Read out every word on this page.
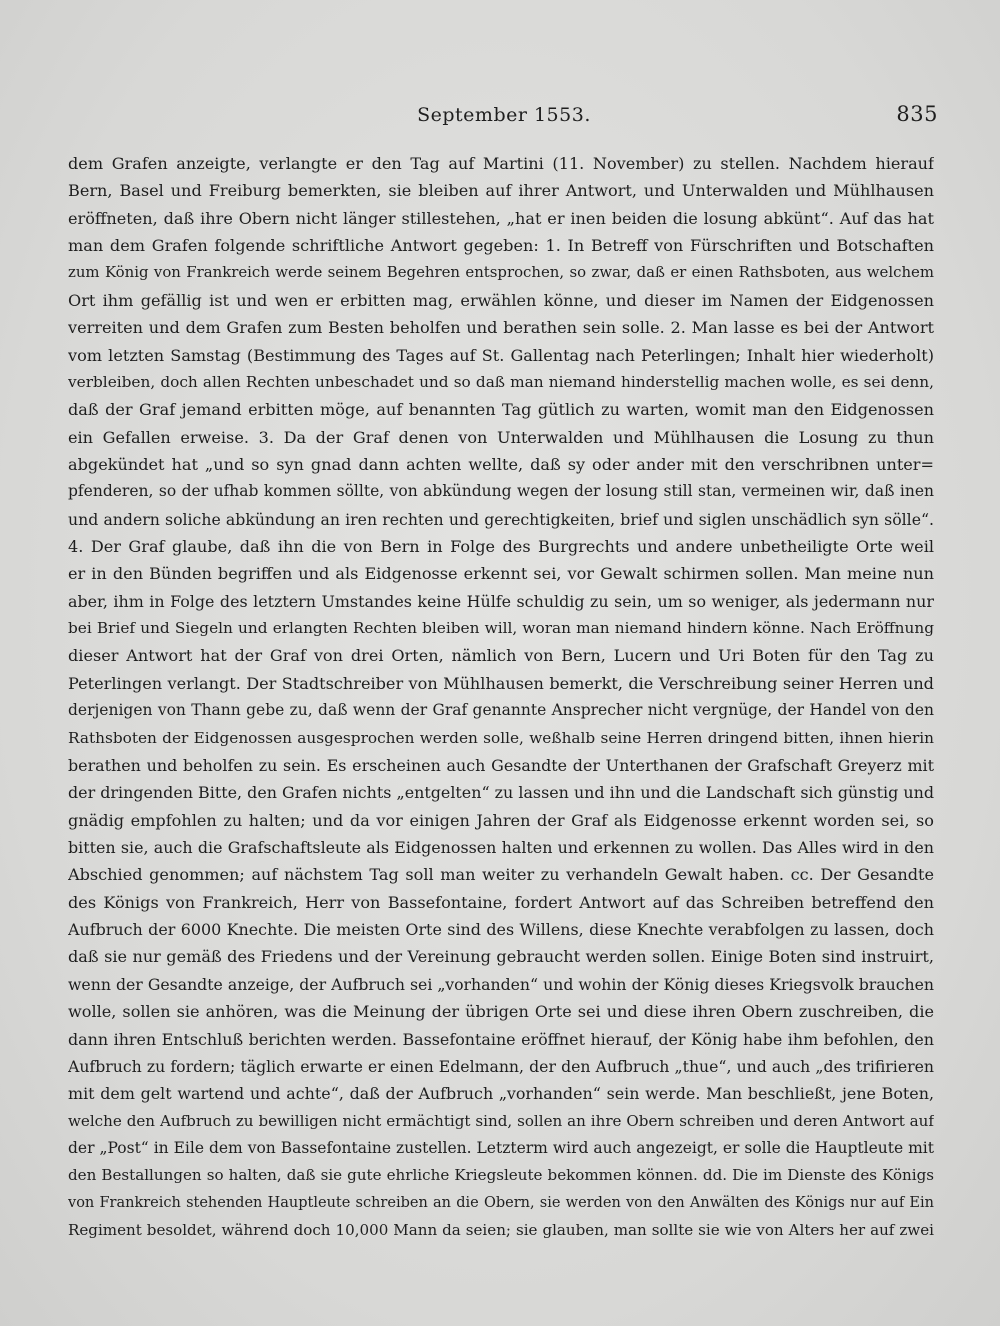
September 1553.	835
dem Grafen anzeigte, verlangte er den Tag auf Martini (11. November) zu stellen. Nachdem hierauf
Bern, Basel und Freiburg bemerkten, sie bleiben auf ihrer Antwort, und Unterwalden und Mühlhausen
eröffneten, daß ihre Obern nicht länger stillestehen, „hat er inen beiden die losung abkünt“. Auf das hat
man dem Grafen folgende schriftliche Antwort gegeben: 1. In Betreff von Fürschriften und Botschaften
zum König von Frankreich werde seinem Begehren entsprochen, so zwar, daß er einen Rathsboten, aus welchem
Ort ihm gefällig ist und wen er erbitten mag, erwählen könne, und dieser im Namen der Eidgenossen
verreiten und dem Grafen zum Besten beholfen und berathen sein solle. 2. Man lasse es bei der Antwort
vom letzten Samstag (Bestimmung des Tages auf St. Gallentag nach Peterlingen; Inhalt hier wiederholt)
verbleiben, doch allen Rechten unbeschadet und so daß man niemand hinderstellig machen wolle, es sei denn,
daß der Graf jemand erbitten möge, auf benannten Tag gütlich zu warten, womit man den Eidgenossen
ein Gefallen erweise. 3. Da der Graf denen von Unterwalden und Mühlhausen die Losung zu thun
abgekündet hat „und so syn gnad dann achten wellte, daß sy oder ander mit den verschribnen unter=
pfenderen, so der ufhab kommen söllte, von abkündung wegen der losung still stan, vermeinen wir, daß inen
und andern soliche abkündung an iren rechten und gerechtigkeiten, brief und siglen unschädlich syn sölle“.
4. Der Graf glaube, daß ihn die von Bern in Folge des Burgrechts und andere unbetheiligte Orte weil
er in den Bünden begriffen und als Eidgenosse erkennt sei, vor Gewalt schirmen sollen. Man meine nun
aber, ihm in Folge des letztern Umstandes keine Hülfe schuldig zu sein, um so weniger, als jedermann nur
bei Brief und Siegeln und erlangten Rechten bleiben will, woran man niemand hindern könne. Nach Eröffnung
dieser Antwort hat der Graf von drei Orten, nämlich von Bern, Lucern und Uri Boten für den Tag zu
Peterlingen verlangt. Der Stadtschreiber von Mühlhausen bemerkt, die Verschreibung seiner Herren und
derjenigen von Thann gebe zu, daß wenn der Graf genannte Ansprecher nicht vergnüge, der Handel von den
Rathsboten der Eidgenossen ausgesprochen werden solle, weßhalb seine Herren dringend bitten, ihnen hierin
berathen und beholfen zu sein. Es erscheinen auch Gesandte der Unterthanen der Grafschaft Greyerz mit
der dringenden Bitte, den Grafen nichts „entgelten“ zu lassen und ihn und die Landschaft sich günstig und
gnädig empfohlen zu halten; und da vor einigen Jahren der Graf als Eidgenosse erkennt worden sei, so
bitten sie, auch die Grafschaftsleute als Eidgenossen halten und erkennen zu wollen. Das Alles wird in den
Abschied genommen; auf nächstem Tag soll man weiter zu verhandeln Gewalt haben. cc. Der Gesandte
des Königs von Frankreich, Herr von Bassefontaine, fordert Antwort auf das Schreiben betreffend den
Aufbruch der 6000 Knechte. Die meisten Orte sind des Willens, diese Knechte verabfolgen zu lassen, doch
daß sie nur gemäß des Friedens und der Vereinung gebraucht werden sollen. Einige Boten sind instruirt,
wenn der Gesandte anzeige, der Aufbruch sei „vorhanden“ und wohin der König dieses Kriegsvolk brauchen
wolle, sollen sie anhören, was die Meinung der übrigen Orte sei und diese ihren Obern zuschreiben, die
dann ihren Entschluß berichten werden. Bassefontaine eröffnet hierauf, der König habe ihm befohlen, den
Aufbruch zu fordern; täglich erwarte er einen Edelmann, der den Aufbruch „thue“, und auch „des trifirieren
mit dem gelt wartend und achte“, daß der Aufbruch „vorhanden“ sein werde. Man beschließt, jene Boten,
welche den Aufbruch zu bewilligen nicht ermächtigt sind, sollen an ihre Obern schreiben und deren Antwort auf
der „Post“ in Eile dem von Bassefontaine zustellen. Letzterm wird auch angezeigt, er solle die Hauptleute mit
den Bestallungen so halten, daß sie gute ehrliche Kriegsleute bekommen können. dd. Die im Dienste des Königs
von Frankreich stehenden Hauptleute schreiben an die Obern, sie werden von den Anwälten des Königs nur auf Ein
Regiment besoldet, während doch 10,000 Mann da seien; sie glauben, man sollte sie wie von Alters her auf zwei
